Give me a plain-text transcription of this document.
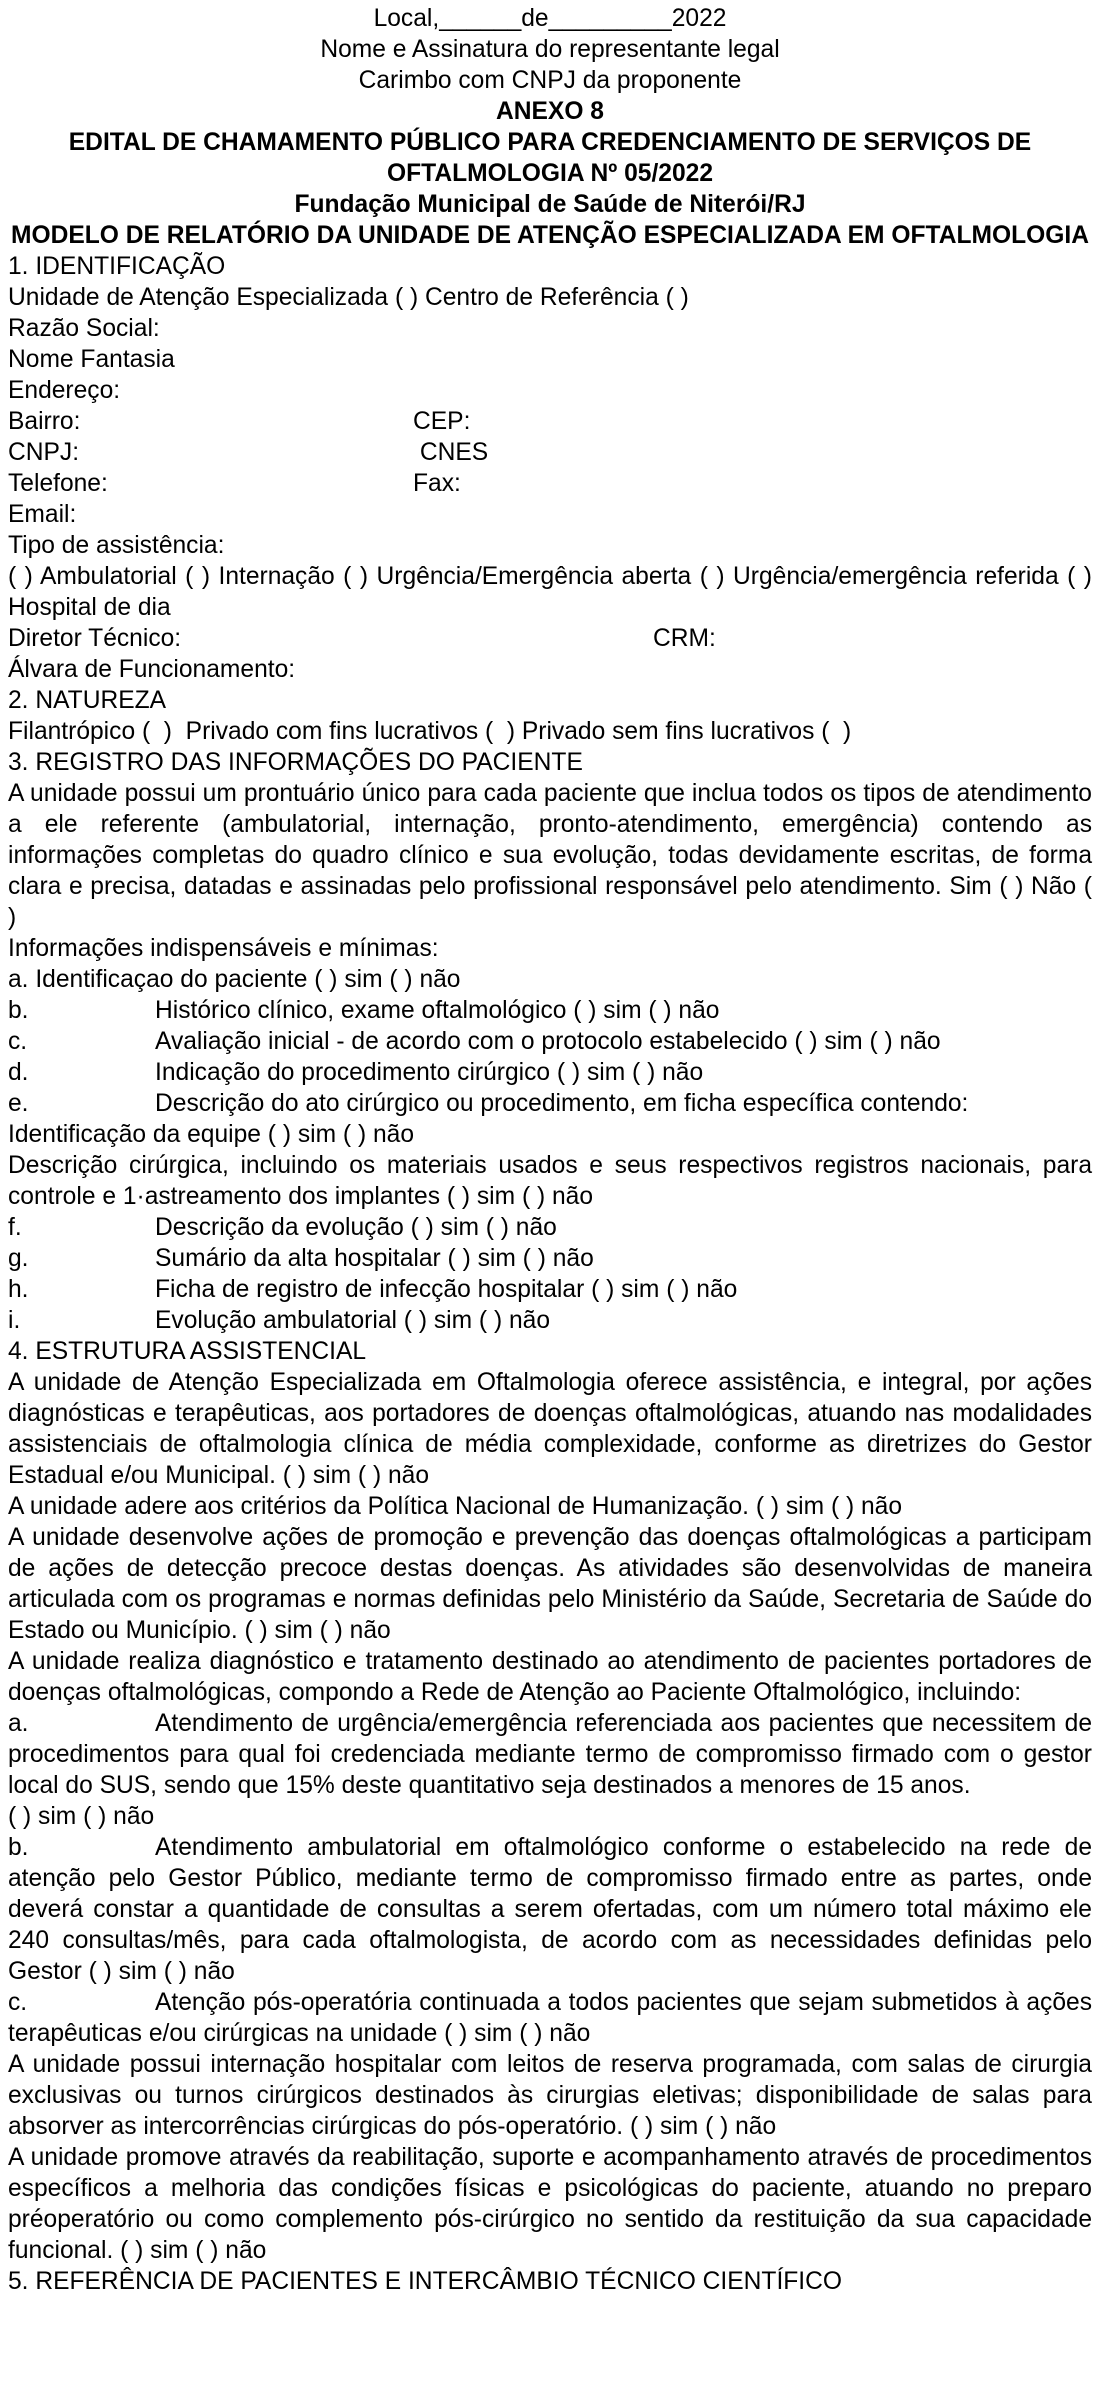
Local,______de_________2022
Nome e Assinatura do representante legal
Carimbo com CNPJ da proponente
ANEXO 8
EDITAL DE CHAMAMENTO PÚBLICO PARA CREDENCIAMENTO DE SERVIÇOS DE OFTALMOLOGIA Nº 05/2022
Fundação Municipal de Saúde de Niterói/RJ
MODELO DE RELATÓRIO DA UNIDADE DE ATENÇÃO ESPECIALIZADA EM OFTALMOLOGIA
1. IDENTIFICAÇÃO
Unidade de Atenção Especializada ( ) Centro de Referência ( )
Razão Social:
Nome Fantasia
Endereço:
Bairro:	CEP:
CNPJ:	CNES
Telefone:	Fax:
Email:
Tipo de assistência:
( ) Ambulatorial ( ) Internação ( ) Urgência/Emergência aberta ( ) Urgência/emergência referida ( ) Hospital de dia
Diretor Técnico:	CRM:
Álvara de Funcionamento:
2. NATUREZA
Filantrópico (  )  Privado com fins lucrativos (  ) Privado sem fins lucrativos (  )
3. REGISTRO DAS INFORMAÇÕES DO PACIENTE
A unidade possui um prontuário único para cada paciente que inclua todos os tipos de atendimento a ele referente (ambulatorial, internação, pronto-atendimento, emergência) contendo as informações completas do quadro clínico e sua evolução, todas devidamente escritas, de forma clara e precisa, datadas e assinadas pelo profissional responsável pelo atendimento. Sim ( ) Não ( )
Informações indispensáveis e mínimas:
a. Identificaçao do paciente ( ) sim ( ) não
b.	Histórico clínico, exame oftalmológico ( ) sim ( ) não
c.	Avaliação inicial - de acordo com o protocolo estabelecido ( ) sim ( ) não
d.	Indicação do procedimento cirúrgico ( ) sim ( ) não
e.	Descrição do ato cirúrgico ou procedimento, em ficha específica contendo:
Identificação da equipe ( ) sim ( ) não
Descrição cirúrgica, incluindo os materiais usados e seus respectivos registros nacionais, para controle e 1·astreamento dos implantes ( ) sim ( ) não
f.	Descrição da evolução ( ) sim ( ) não
g.	Sumário da alta hospitalar ( ) sim ( ) não
h.	Ficha de registro de infecção hospitalar ( ) sim ( ) não
i.	Evolução ambulatorial ( ) sim ( ) não
4. ESTRUTURA ASSISTENCIAL
A unidade de Atenção Especializada em Oftalmologia oferece assistência, e integral, por ações diagnósticas e terapêuticas, aos portadores de doenças oftalmológicas, atuando nas modalidades assistenciais de oftalmologia clínica de média complexidade, conforme as diretrizes do Gestor Estadual e/ou Municipal. ( ) sim ( ) não
A unidade adere aos critérios da Política Nacional de Humanização. ( ) sim ( ) não
A unidade desenvolve ações de promoção e prevenção das doenças oftalmológicas a participam de ações de detecção precoce destas doenças. As atividades são desenvolvidas de maneira articulada com os programas e normas definidas pelo Ministério da Saúde, Secretaria de Saúde do Estado ou Município. ( ) sim ( ) não
A unidade realiza diagnóstico e tratamento destinado ao atendimento de pacientes portadores de doenças oftalmológicas, compondo a Rede de Atenção ao Paciente Oftalmológico, incluindo:
a.	Atendimento de urgência/emergência referenciada aos pacientes que necessitem de procedimentos para qual foi credenciada mediante termo de compromisso firmado com o gestor local do SUS, sendo que 15% deste quantitativo seja destinados a menores de 15 anos.
( ) sim ( ) não
b.	Atendimento ambulatorial em oftalmológico conforme o estabelecido na rede de atenção pelo Gestor Público, mediante termo de compromisso firmado entre as partes, onde deverá constar a quantidade de consultas a serem ofertadas, com um número total máximo ele 240 consultas/mês, para cada oftalmologista, de acordo com as necessidades definidas pelo Gestor ( ) sim ( ) não
c.	Atenção pós-operatória continuada a todos pacientes que sejam submetidos à ações terapêuticas e/ou cirúrgicas na unidade ( ) sim ( ) não
A unidade possui internação hospitalar com leitos de reserva programada, com salas de cirurgia exclusivas ou turnos cirúrgicos destinados às cirurgias eletivas; disponibilidade de salas para absorver as intercorrências cirúrgicas do pós-operatório. ( ) sim ( ) não
A unidade promove através da reabilitação, suporte e acompanhamento através de procedimentos específicos a melhoria das condições físicas e psicológicas do paciente, atuando no preparo préoperatório ou como complemento pós-cirúrgico no sentido da restituição da sua capacidade funcional. ( ) sim ( ) não
5. REFERÊNCIA DE PACIENTES E INTERCÂMBIO TÉCNICO CIENTÍFICO
